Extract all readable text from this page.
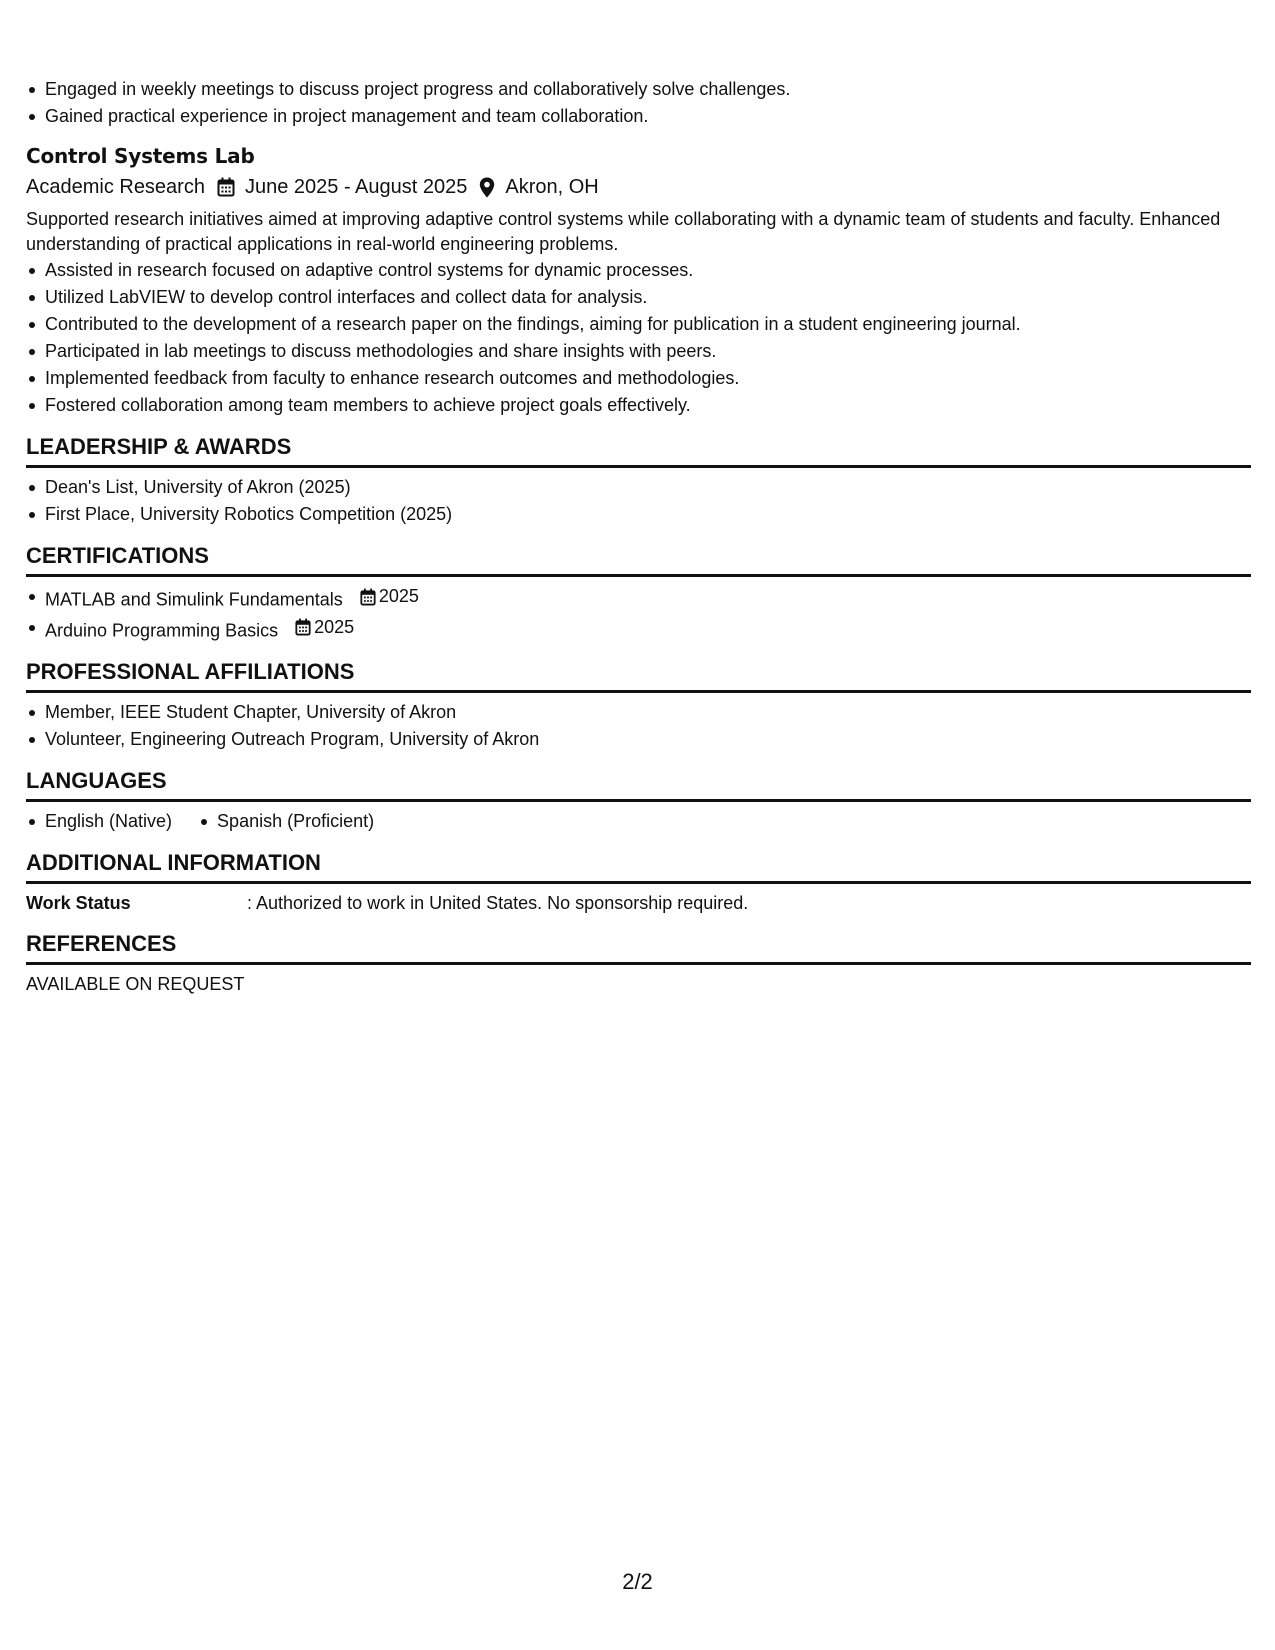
Engaged in weekly meetings to discuss project progress and collaboratively solve challenges.
Gained practical experience in project management and team collaboration.
Control Systems Lab
Academic Research June 2025 - August 2025 Akron, OH
Supported research initiatives aimed at improving adaptive control systems while collaborating with a dynamic team of students and faculty. Enhanced understanding of practical applications in real-world engineering problems.
Assisted in research focused on adaptive control systems for dynamic processes.
Utilized LabVIEW to develop control interfaces and collect data for analysis.
Contributed to the development of a research paper on the findings, aiming for publication in a student engineering journal.
Participated in lab meetings to discuss methodologies and share insights with peers.
Implemented feedback from faculty to enhance research outcomes and methodologies.
Fostered collaboration among team members to achieve project goals effectively.
LEADERSHIP & AWARDS
Dean's List, University of Akron (2025)
First Place, University Robotics Competition (2025)
CERTIFICATIONS
MATLAB and Simulink Fundamentals 2025
Arduino Programming Basics 2025
PROFESSIONAL AFFILIATIONS
Member, IEEE Student Chapter, University of Akron
Volunteer, Engineering Outreach Program, University of Akron
LANGUAGES
English (Native)	Spanish (Proficient)
ADDITIONAL INFORMATION
Work Status	: Authorized to work in United States. No sponsorship required.
REFERENCES
AVAILABLE ON REQUEST
2/2
